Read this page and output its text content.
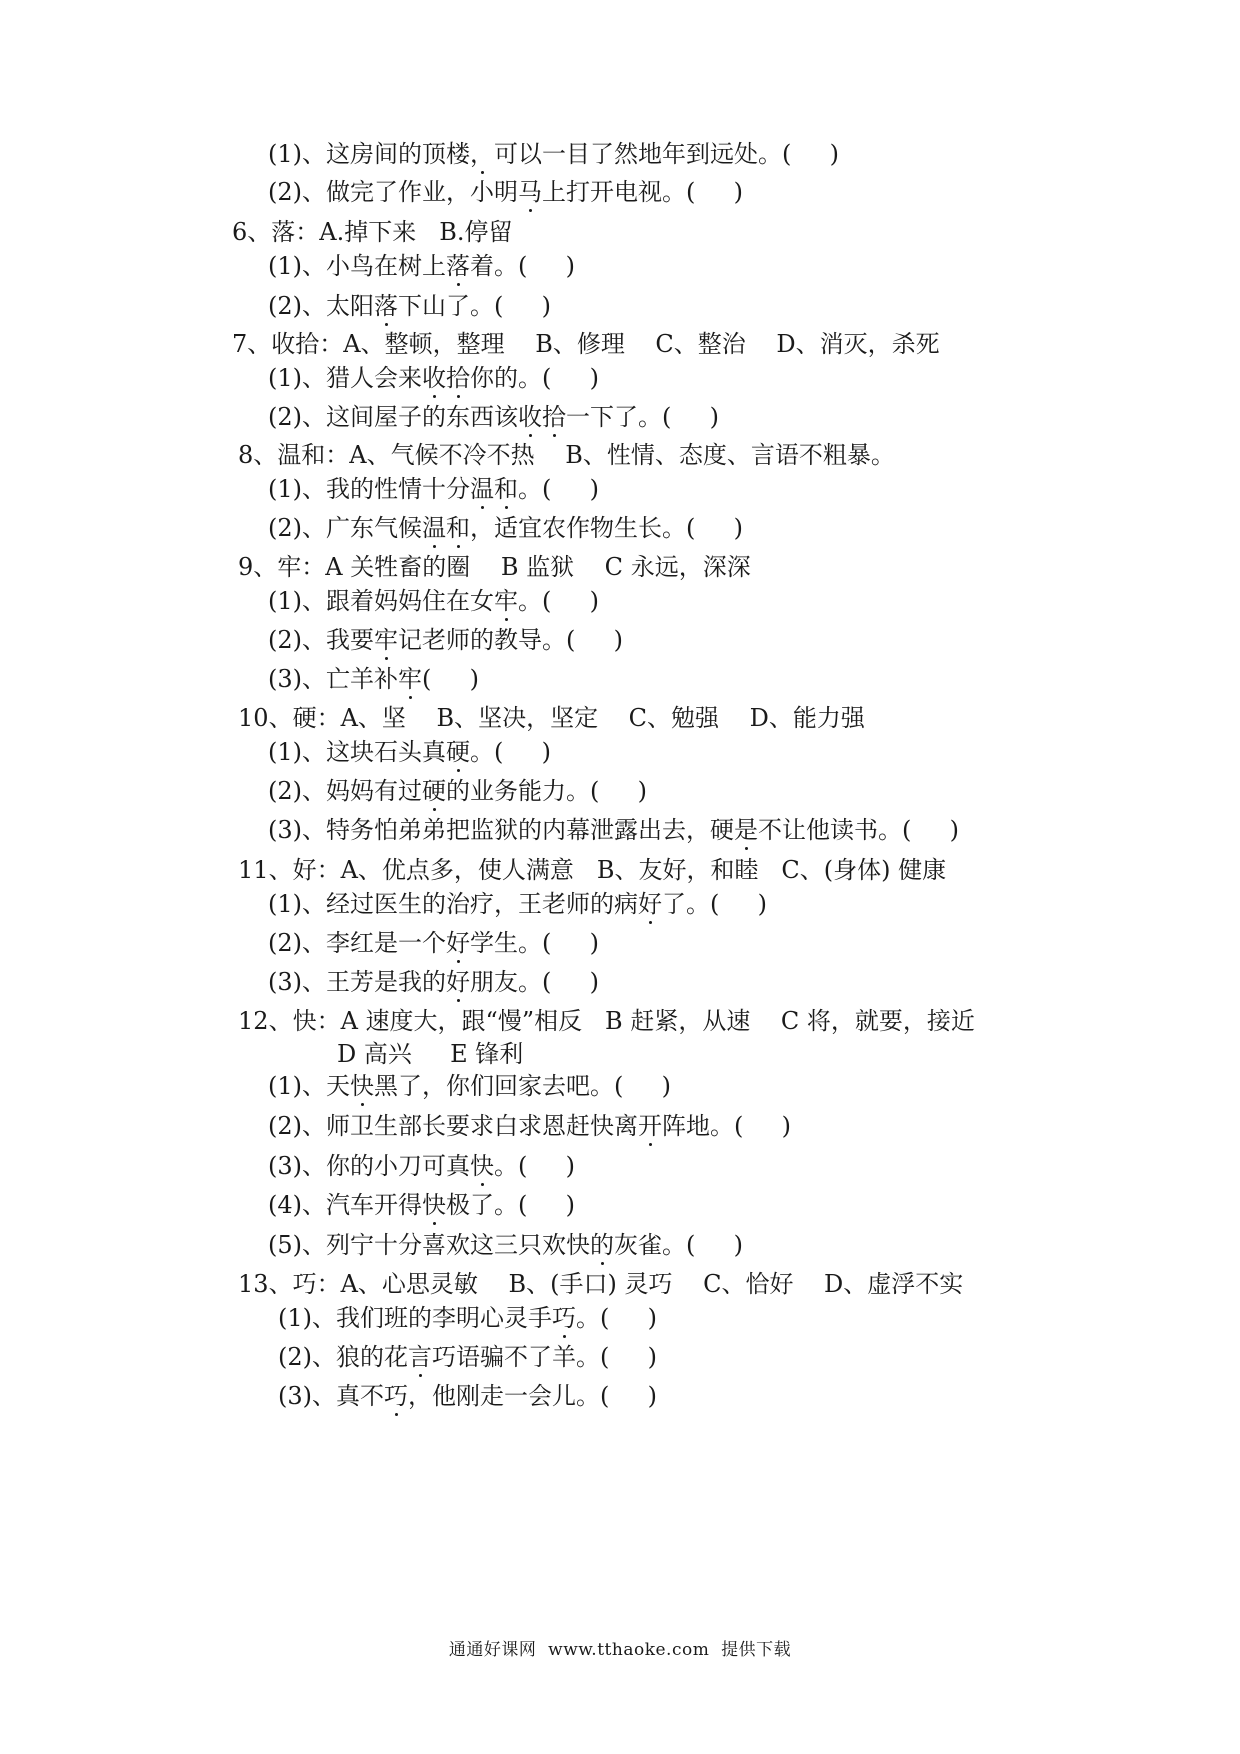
(1)、这房间的顶楼，可以一目了然地年到远处。( )
(2)、做完了作业，小明马上打开电视。( )
6、落：A.掉下来 B.停留
(1)、小鸟在树上落着。( )
(2)、太阳落下山了。( )
7、收拾：A、整顿，整理 B、修理 C、整治 D、消灭，杀死
(1)、猎人会来收拾你的。( )
(2)、这间屋子的东西该收拾一下了。( )
8、温和：A、气候不冷不热 B、性情、态度、言语不粗暴。
(1)、我的性情十分温和。( )
(2)、广东气候温和，适宜农作物生长。( )
9、牢：A 关牲畜的圈 B 监狱 C 永远，深深
(1)、跟着妈妈住在女牢。( )
(2)、我要牢记老师的教导。( )
(3)、亡羊补牢( )
10、硬：A、坚 B、坚决，坚定 C、勉强 D、能力强
(1)、这块石头真硬。( )
(2)、妈妈有过硬的业务能力。( )
(3)、特务怕弟弟把监狱的内幕泄露出去，硬是不让他读书。( )
11、好：A、优点多，使人满意 B、友好，和睦 C、(身体) 健康
(1)、经过医生的治疗，王老师的病好了。( )
(2)、李红是一个好学生。( )
(3)、王芳是我的好朋友。( )
12、快：A 速度大，跟“慢”相反 B 赶紧，从速 C 将，就要，接近
D 高兴 E 锋利
(1)、天快黑了，你们回家去吧。( )
(2)、师卫生部长要求白求恩赶快离开阵地。( )
(3)、你的小刀可真快。( )
(4)、汽车开得快极了。( )
(5)、列宁十分喜欢这三只欢快的灰雀。( )
13、巧：A、心思灵敏 B、(手口) 灵巧 C、恰好 D、虚浮不实
(1)、我们班的李明心灵手巧。( )
(2)、狼的花言巧语骗不了羊。( )
(3)、真不巧，他刚走一会儿。( )
通通好课网  www.tthaoke.com  提供下载
